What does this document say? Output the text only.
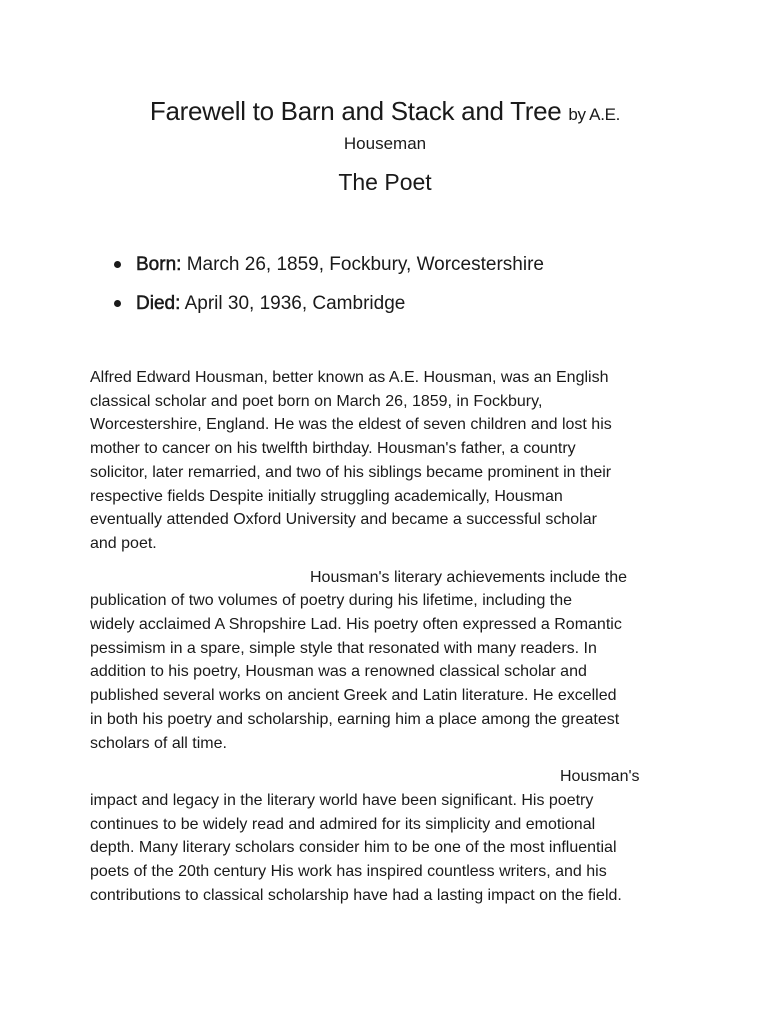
Farewell to Barn and Stack and Tree by A.E.
Houseman
The Poet
Born: March 26, 1859, Fockbury, Worcestershire
Died: April 30, 1936, Cambridge

Alfred Edward Housman, better known as A.E. Housman, was an English
classical scholar and poet born on March 26, 1859, in Fockbury,
Worcestershire, England. He was the eldest of seven children and lost his
mother to cancer on his twelfth birthday. Housman's father, a country
solicitor, later remarried, and two of his siblings became prominent in their
respective fields Despite initially struggling academically, Housman
eventually attended Oxford University and became a successful scholar
and poet.

Housman's literary achievements include the
publication of two volumes of poetry during his lifetime, including the
widely acclaimed A Shropshire Lad. His poetry often expressed a Romantic
pessimism in a spare, simple style that resonated with many readers. In
addition to his poetry, Housman was a renowned classical scholar and
published several works on ancient Greek and Latin literature. He excelled
in both his poetry and scholarship, earning him a place among the greatest
scholars of all time.

Housman's
impact and legacy in the literary world have been significant. His poetry
continues to be widely read and admired for its simplicity and emotional
depth. Many literary scholars consider him to be one of the most influential
poets of the 20th century His work has inspired countless writers, and his
contributions to classical scholarship have had a lasting impact on the field.
